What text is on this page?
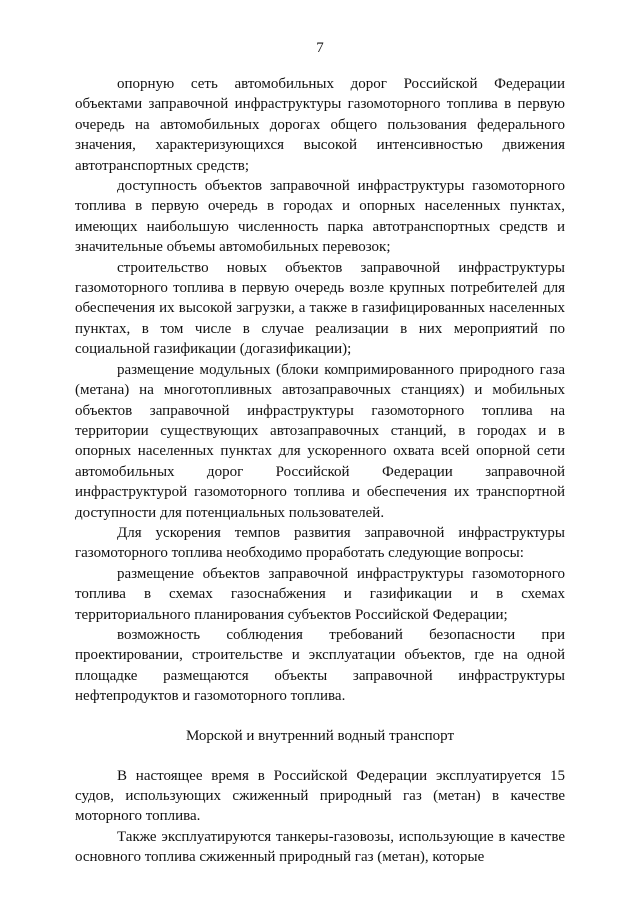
7

опорную сеть автомобильных дорог Российской Федерации объектами заправочной инфраструктуры газомоторного топлива в первую очередь на автомобильных дорогах общего пользования федерального значения, характеризующихся высокой интенсивностью движения автотранспортных средств;

доступность объектов заправочной инфраструктуры газомоторного топлива в первую очередь в городах и опорных населенных пунктах, имеющих наибольшую численность парка автотранспортных средств и значительные объемы автомобильных перевозок;

строительство новых объектов заправочной инфраструктуры газомоторного топлива в первую очередь возле крупных потребителей для обеспечения их высокой загрузки, а также в газифицированных населенных пунктах, в том числе в случае реализации в них мероприятий по социальной газификации (догазификации);

размещение модульных (блоки компримированного природного газа (метана) на многотопливных автозаправочных станциях) и мобильных объектов заправочной инфраструктуры газомоторного топлива на территории существующих автозаправочных станций, в городах и в опорных населенных пунктах для ускоренного охвата всей опорной сети автомобильных дорог Российской Федерации заправочной инфраструктурой газомоторного топлива и обеспечения их транспортной доступности для потенциальных пользователей.

Для ускорения темпов развития заправочной инфраструктуры газомоторного топлива необходимо проработать следующие вопросы:

размещение объектов заправочной инфраструктуры газомоторного топлива в схемах газоснабжения и газификации и в схемах территориального планирования субъектов Российской Федерации;

возможность соблюдения требований безопасности при проектировании, строительстве и эксплуатации объектов, где на одной площадке размещаются объекты заправочной инфраструктуры нефтепродуктов и газомоторного топлива.

Морской и внутренний водный транспорт

В настоящее время в Российской Федерации эксплуатируется 15 судов, использующих сжиженный природный газ (метан) в качестве моторного топлива.

Также эксплуатируются танкеры-газовозы, использующие в качестве основного топлива сжиженный природный газ (метан), которые
